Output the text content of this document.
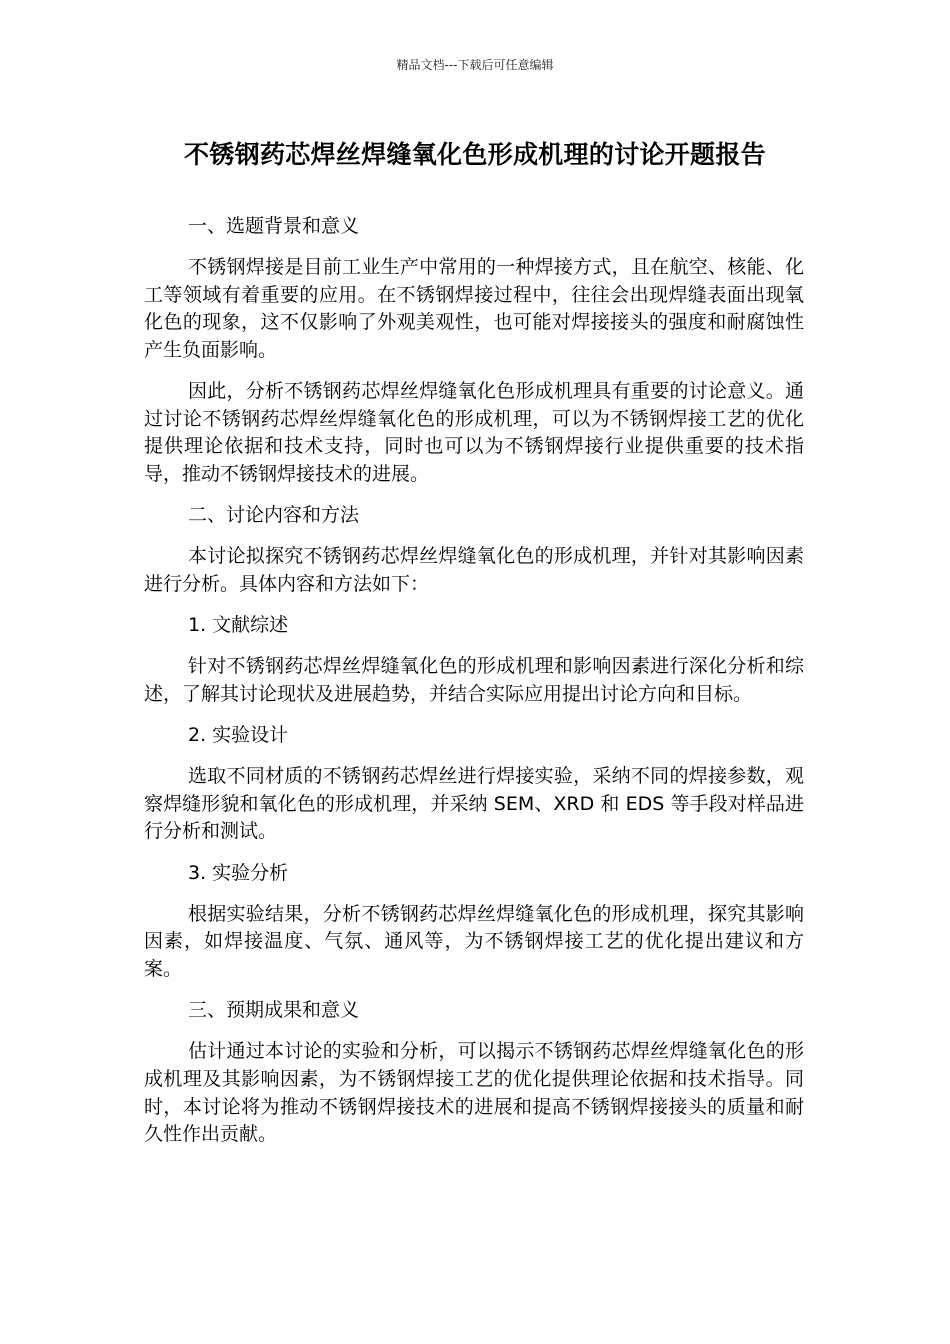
精品文档---下载后可任意编辑
不锈钢药芯焊丝焊缝氧化色形成机理的讨论开题报告

一、选题背景和意义

不锈钢焊接是目前工业生产中常用的一种焊接方式，且在航空、核能、化工等领域有着重要的应用。在不锈钢焊接过程中，往往会出现焊缝表面出现氧化色的现象，这不仅影响了外观美观性，也可能对焊接接头的强度和耐腐蚀性产生负面影响。

因此，分析不锈钢药芯焊丝焊缝氧化色形成机理具有重要的讨论意义。通过讨论不锈钢药芯焊丝焊缝氧化色的形成机理，可以为不锈钢焊接工艺的优化提供理论依据和技术支持，同时也可以为不锈钢焊接行业提供重要的技术指导，推动不锈钢焊接技术的进展。

二、讨论内容和方法

本讨论拟探究不锈钢药芯焊丝焊缝氧化色的形成机理，并针对其影响因素进行分析。具体内容和方法如下：

1. 文献综述

针对不锈钢药芯焊丝焊缝氧化色的形成机理和影响因素进行深化分析和综述，了解其讨论现状及进展趋势，并结合实际应用提出讨论方向和目标。

2. 实验设计

选取不同材质的不锈钢药芯焊丝进行焊接实验，采纳不同的焊接参数，观察焊缝形貌和氧化色的形成机理，并采纳 SEM、XRD 和 EDS 等手段对样品进行分析和测试。

3. 实验分析

根据实验结果，分析不锈钢药芯焊丝焊缝氧化色的形成机理，探究其影响因素，如焊接温度、气氛、通风等，为不锈钢焊接工艺的优化提出建议和方案。

三、预期成果和意义

估计通过本讨论的实验和分析，可以揭示不锈钢药芯焊丝焊缝氧化色的形成机理及其影响因素，为不锈钢焊接工艺的优化提供理论依据和技术指导。同时，本讨论将为推动不锈钢焊接技术的进展和提高不锈钢焊接接头的质量和耐久性作出贡献。
